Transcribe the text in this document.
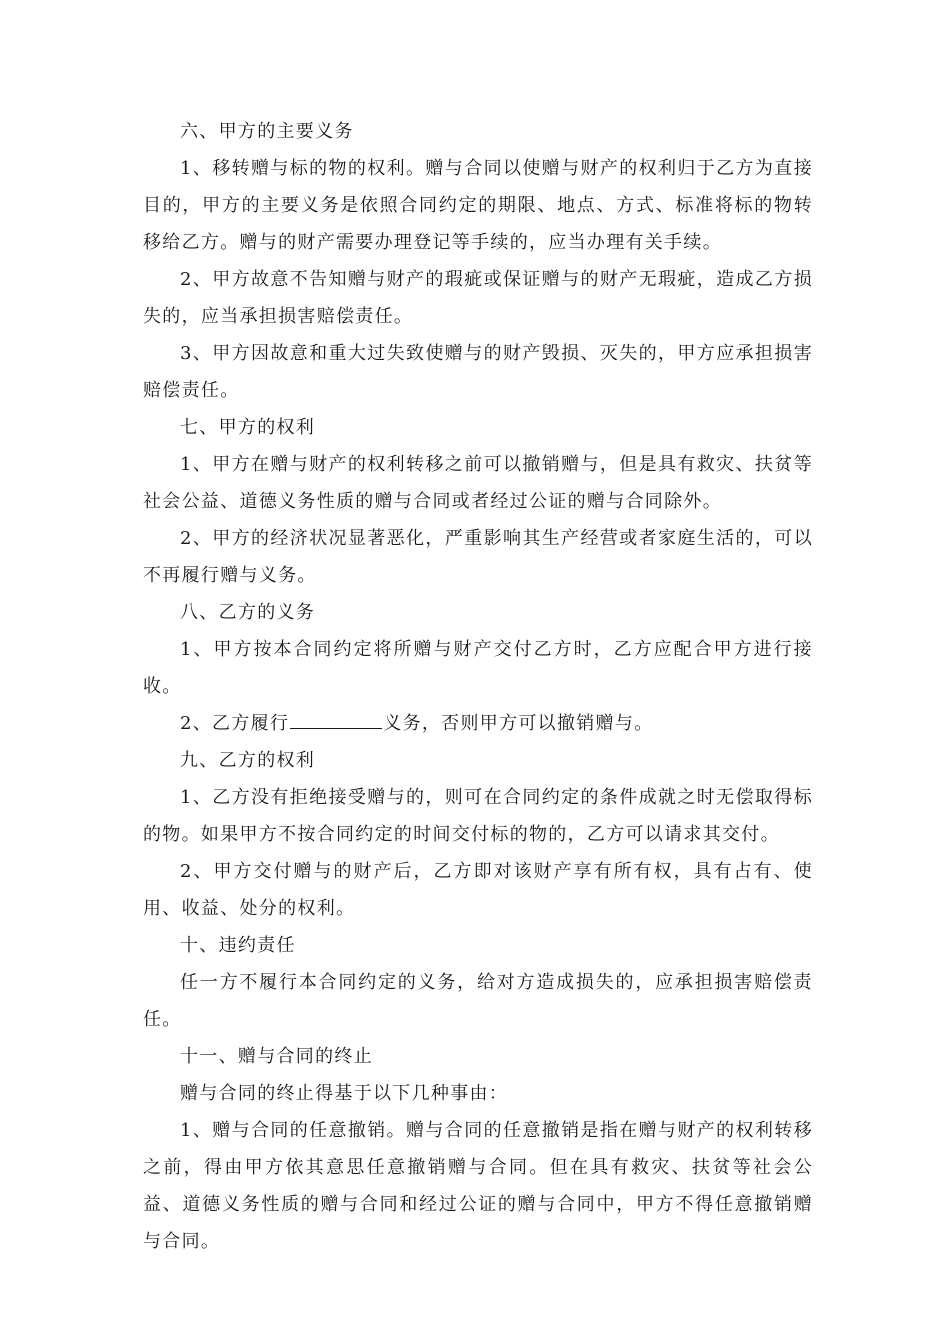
六、甲方的主要义务

1、移转赠与标的物的权利。赠与合同以使赠与财产的权利归于乙方为直接目的，甲方的主要义务是依照合同约定的期限、地点、方式、标准将标的物转移给乙方。赠与的财产需要办理登记等手续的，应当办理有关手续。

2、甲方故意不告知赠与财产的瑕疵或保证赠与的财产无瑕疵，造成乙方损失的，应当承担损害赔偿责任。

3、甲方因故意和重大过失致使赠与的财产毁损、灭失的，甲方应承担损害赔偿责任。

七、甲方的权利

1、甲方在赠与财产的权利转移之前可以撤销赠与，但是具有救灾、扶贫等社会公益、道德义务性质的赠与合同或者经过公证的赠与合同除外。

2、甲方的经济状况显著恶化，严重影响其生产经营或者家庭生活的，可以不再履行赠与义务。

八、乙方的义务

1、甲方按本合同约定将所赠与财产交付乙方时，乙方应配合甲方进行接收。

2、乙方履行	义务，否则甲方可以撤销赠与。

九、乙方的权利

1、乙方没有拒绝接受赠与的，则可在合同约定的条件成就之时无偿取得标的物。如果甲方不按合同约定的时间交付标的物的，乙方可以请求其交付。

2、甲方交付赠与的财产后，乙方即对该财产享有所有权，具有占有、使用、收益、处分的权利。

十、违约责任

任一方不履行本合同约定的义务，给对方造成损失的，应承担损害赔偿责任。

十一、赠与合同的终止

赠与合同的终止得基于以下几种事由：

1、赠与合同的任意撤销。赠与合同的任意撤销是指在赠与财产的权利转移之前，得由甲方依其意思任意撤销赠与合同。但在具有救灾、扶贫等社会公益、道德义务性质的赠与合同和经过公证的赠与合同中，甲方不得任意撤销赠与合同。
